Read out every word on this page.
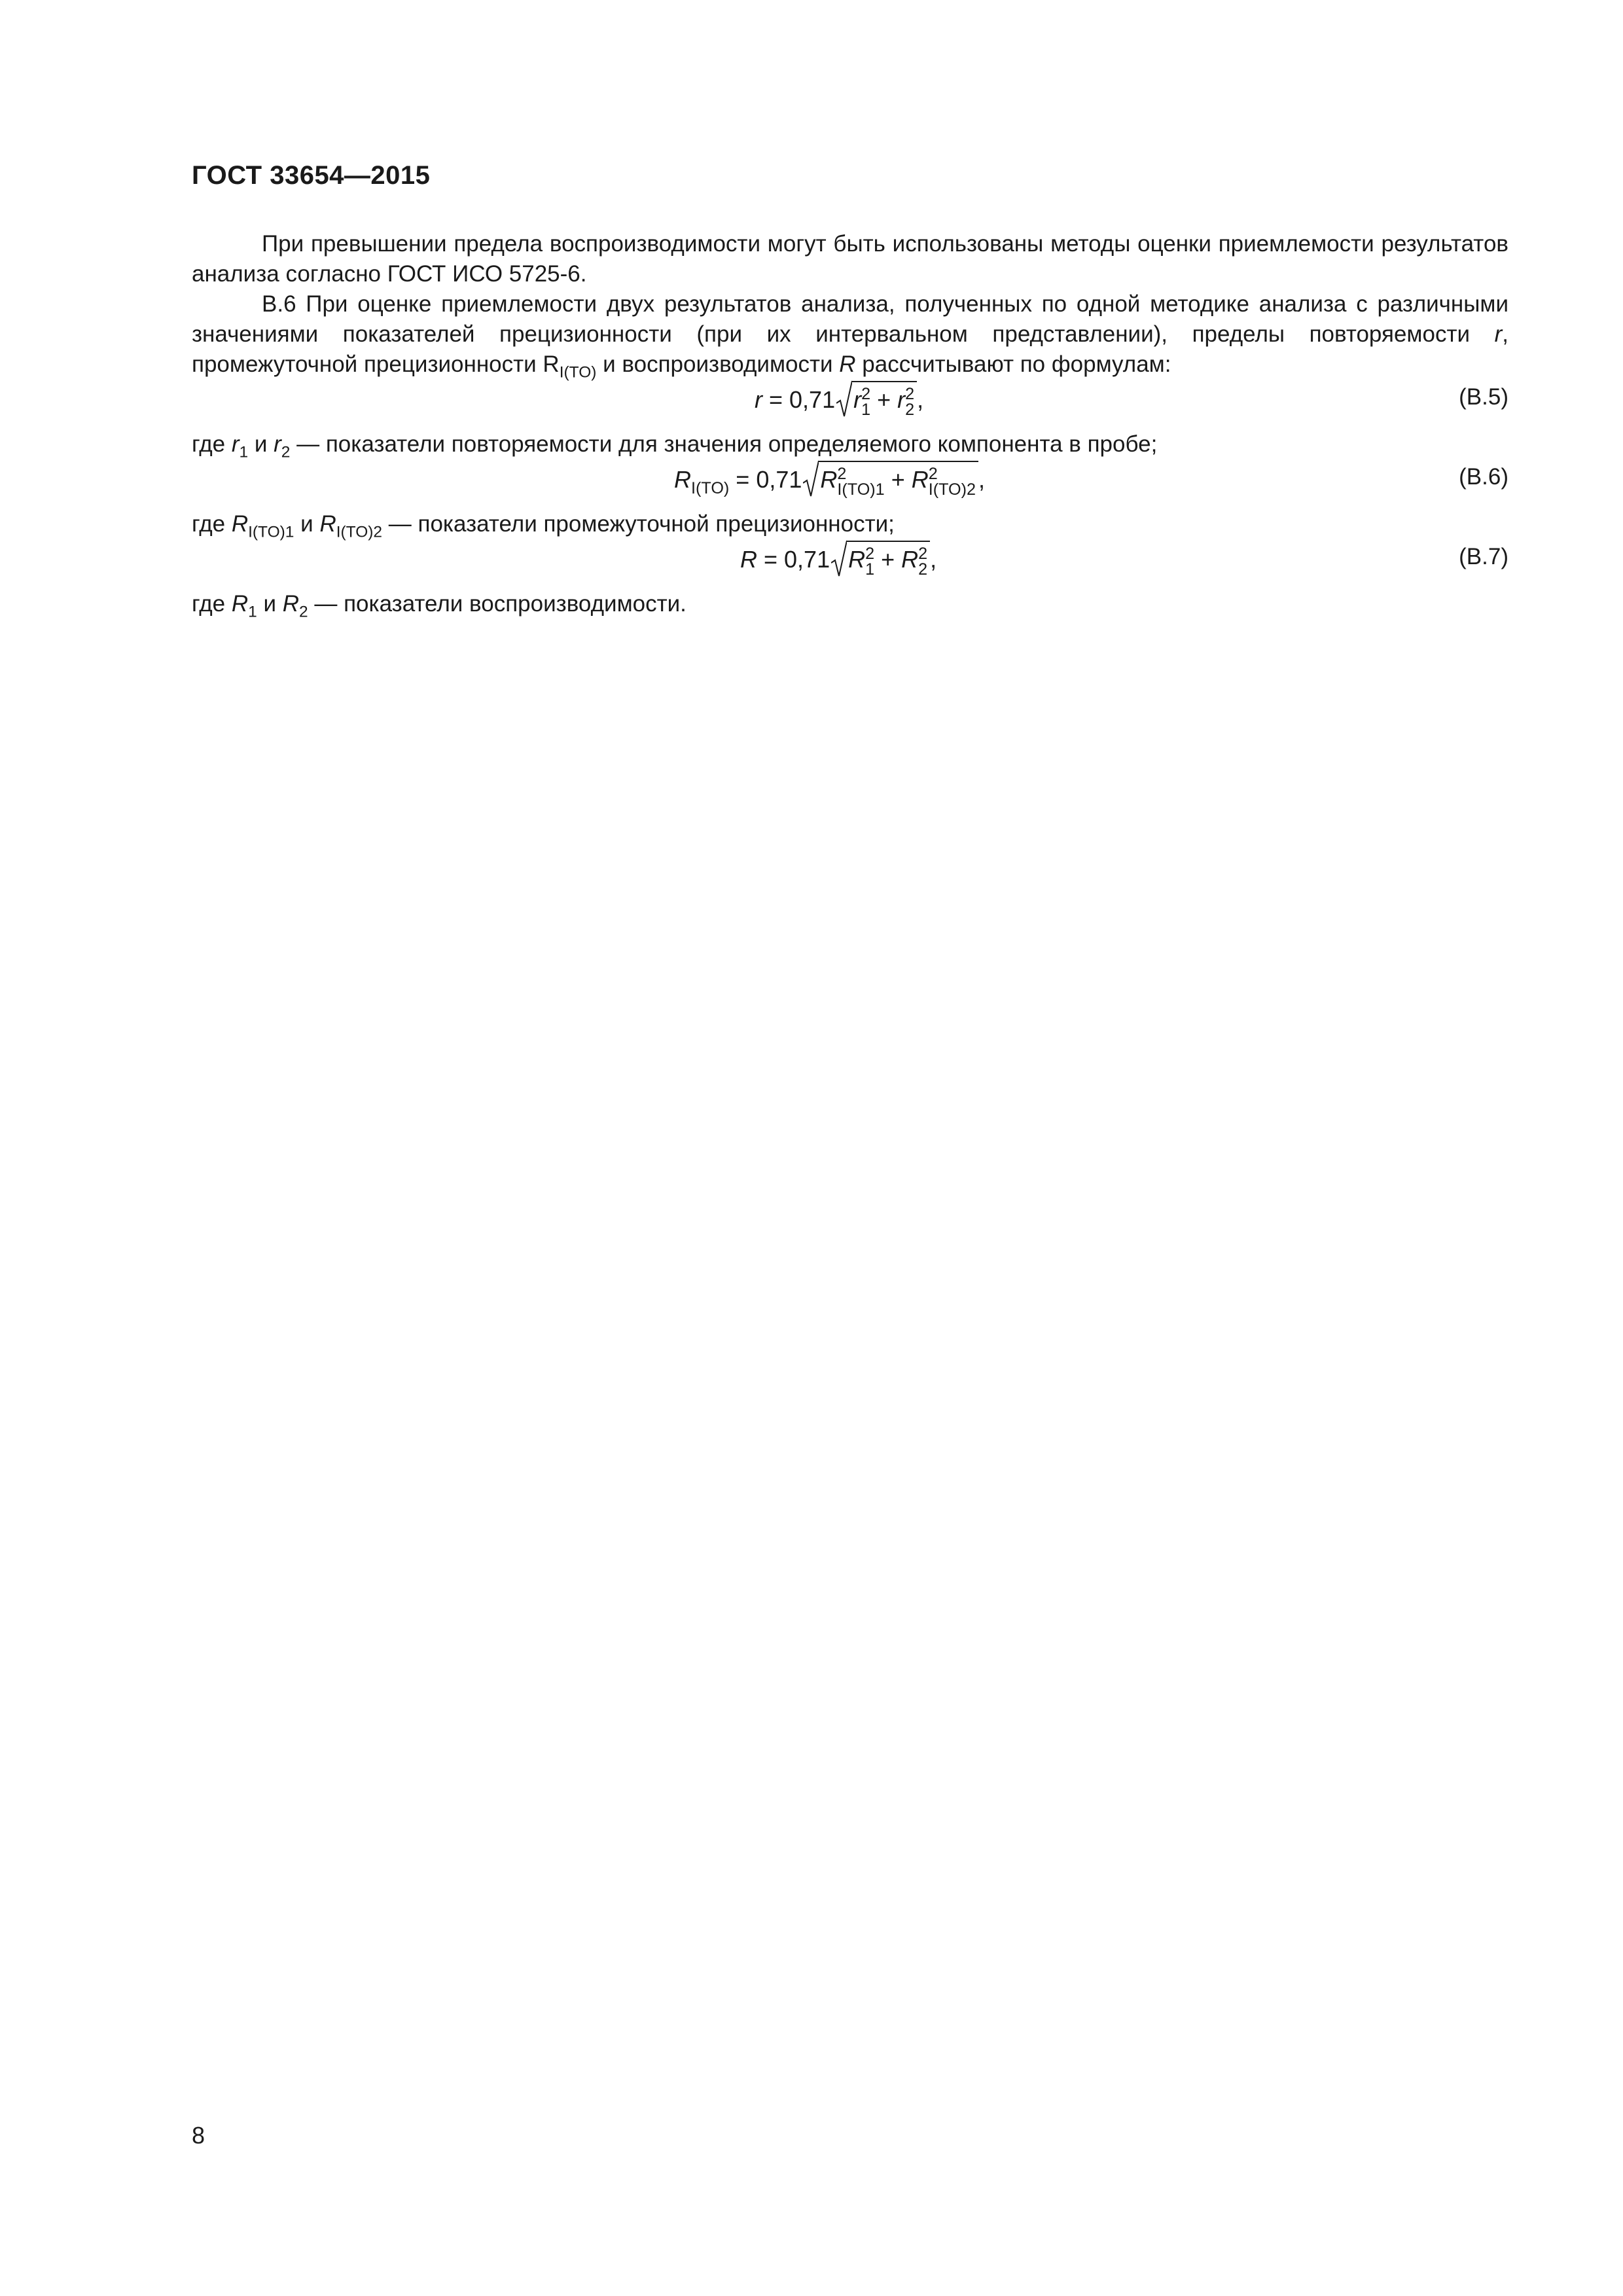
ГОСТ 33654—2015

При превышении предела воспроизводимости могут быть использованы методы оценки приемлемости результатов анализа согласно ГОСТ ИСО 5725-6.

В.6 При оценке приемлемости двух результатов анализа, полученных по одной методике анализа с различными значениями показателей прецизионности (при их интервальном представлении), пределы повторяемости r, промежуточной прецизионности $R_{I(TO)}$ и воспроизводимости R рассчитывают по формулам:

r = 0,71 r 2
1 + r 2
2 ,	(В.5)

где $r_1$ и $r_2$ — показатели повторяемости для значения определяемого компонента в пробе;

$R_{I(TO)} = 0,71$ R 2
I(TO)1 + R 2
I(TO)2 ,	(В.6)

где $R_{I(TO)1}$ и $R_{I(TO)2}$ — показатели промежуточной прецизионности;

R = 0,71 R 2
1 + R 2
2 ,	(В.7)

где $R_1$ и $R_2$ — показатели воспроизводимости.

8
